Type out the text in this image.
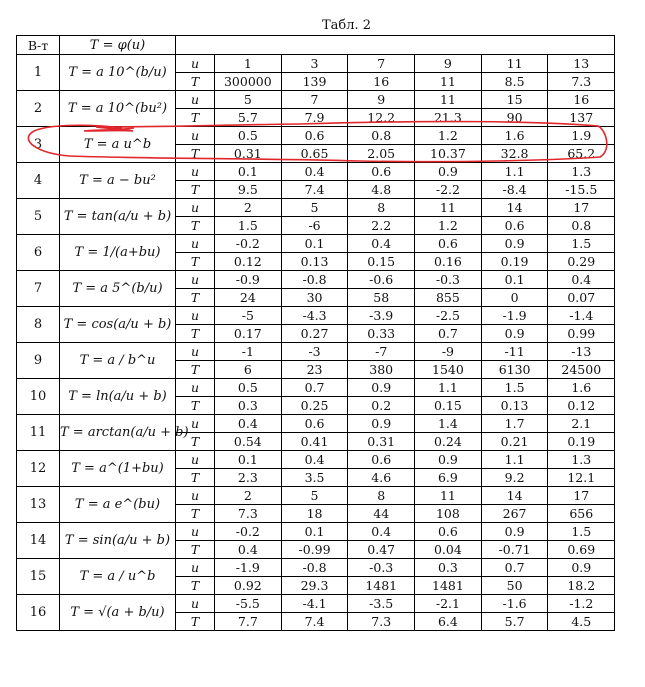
Табл. 2
В-т	T = φ(u)							
1	T = a 10^(b/u)	u	1	3	7	9	11	13
		T	300000	139	16	11	8.5	7.3
2	T = a 10^(bu²)	u	5	7	9	11	15	16
		T	5.7	7.9	12.2	21.3	90	137
3	T = a u^b	u	0.5	0.6	0.8	1.2	1.6	1.9
		T	0.31	0.65	2.05	10.37	32.8	65.2
4	T = a − bu²	u	0.1	0.4	0.6	0.9	1.1	1.3
		T	9.5	7.4	4.8	-2.2	-8.4	-15.5
5	T = tan(a/u + b)	u	2	5	8	11	14	17
		T	1.5	-6	2.2	1.2	0.6	0.8
6	T = 1/(a+bu)	u	-0.2	0.1	0.4	0.6	0.9	1.5
		T	0.12	0.13	0.15	0.16	0.19	0.29
7	T = a 5^(b/u)	u	-0.9	-0.8	-0.6	-0.3	0.1	0.4
		T	24	30	58	855	0	0.07
8	T = cos(a/u + b)	u	-5	-4.3	-3.9	-2.5	-1.9	-1.4
		T	0.17	0.27	0.33	0.7	0.9	0.99
9	T = a / b^u	u	-1	-3	-7	-9	-11	-13
		T	6	23	380	1540	6130	24500
10	T = ln(a/u + b)	u	0.5	0.7	0.9	1.1	1.5	1.6
		T	0.3	0.25	0.2	0.15	0.13	0.12
11	T = arctan(a/u + b)	u	0.4	0.6	0.9	1.4	1.7	2.1
		T	0.54	0.41	0.31	0.24	0.21	0.19
12	T = a^(1+bu)	u	0.1	0.4	0.6	0.9	1.1	1.3
		T	2.3	3.5	4.6	6.9	9.2	12.1
13	T = a e^(bu)	u	2	5	8	11	14	17
		T	7.3	18	44	108	267	656
14	T = sin(a/u + b)	u	-0.2	0.1	0.4	0.6	0.9	1.5
		T	0.4	-0.99	0.47	0.04	-0.71	0.69
15	T = a / u^b	u	-1.9	-0.8	-0.3	0.3	0.7	0.9
		T	0.92	29.3	1481	1481	50	18.2
16	T = √(a + b/u)	u	-5.5	-4.1	-3.5	-2.1	-1.6	-1.2
		T	7.7	7.4	7.3	6.4	5.7	4.5
